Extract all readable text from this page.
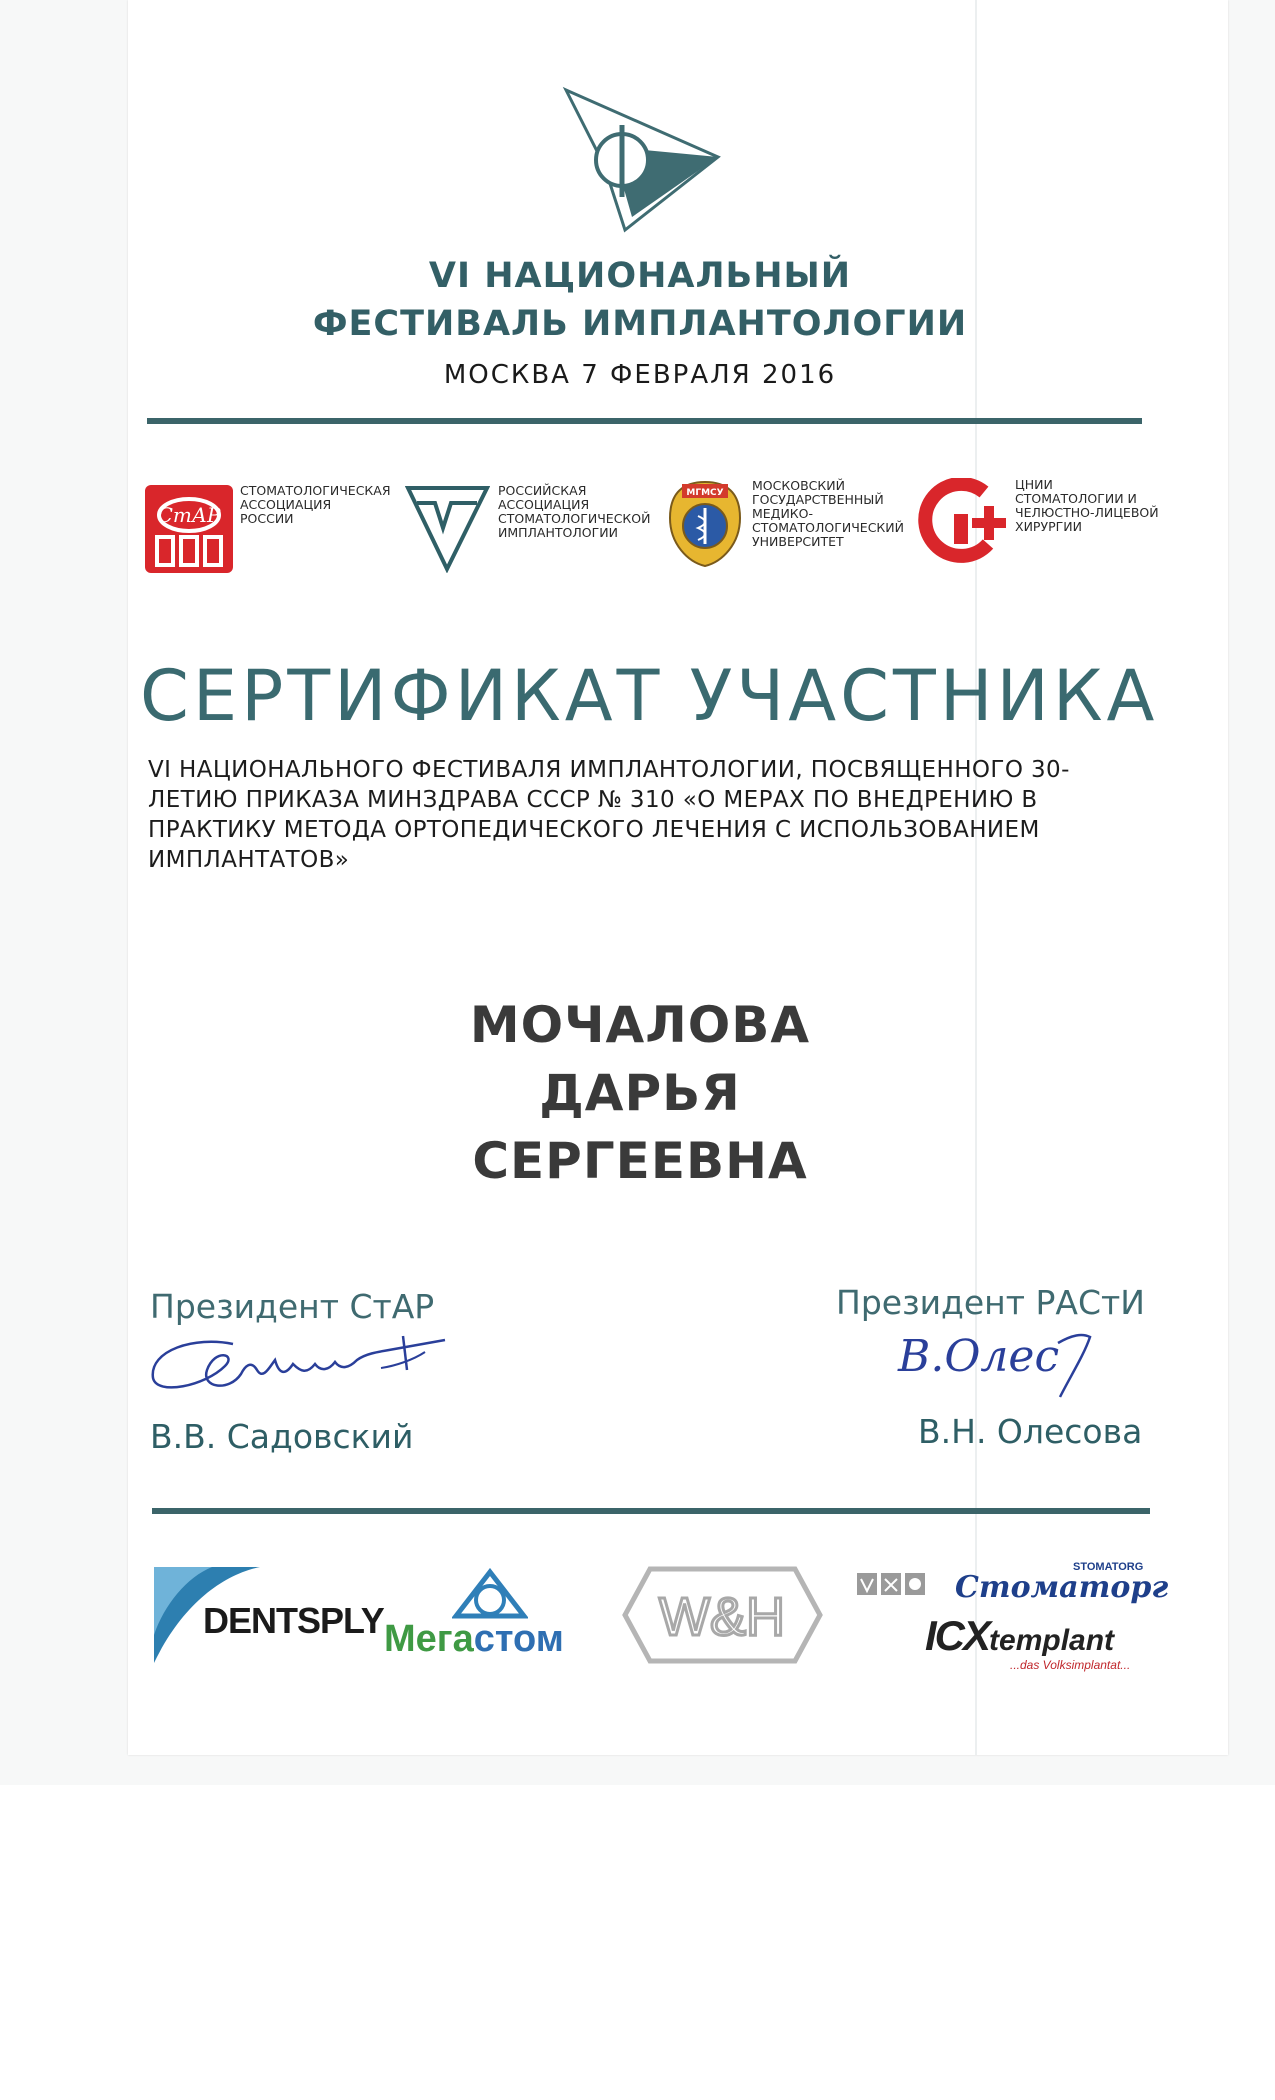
VI НАЦИОНАЛЬНЫЙ
ФЕСТИВАЛЬ ИМПЛАНТОЛОГИИ
МОСКВА 7 ФЕВРАЛЯ 2016
СтАР
СТОМАТОЛОГИЧЕСКАЯ
АССОЦИАЦИЯ
РОССИИ
РОССИЙСКАЯ
АССОЦИАЦИЯ
СТОМАТОЛОГИЧЕСКОЙ
ИМПЛАНТОЛОГИИ
МГМСУ МОСКОВСКИЙ
ГОСУДАРСТВЕННЫЙ
МЕДИКО-
СТОМАТОЛОГИЧЕСКИЙ
УНИВЕРСИТЕТ
ЦНИИ
СТОМАТОЛОГИИ И
ЧЕЛЮСТНО-ЛИЦЕВОЙ
ХИРУРГИИ
СЕРТИФИКАТ УЧАСТНИКА
VI НАЦИОНАЛЬНОГО ФЕСТИВАЛЯ ИМПЛАНТОЛОГИИ, ПОСВЯЩЕННОГО 30-ЛЕТИЮ ПРИКАЗА МИНЗДРАВА СССР № 310 «О МЕРАХ ПО ВНЕДРЕНИЮ В ПРАКТИКУ МЕТОДА ОРТОПЕДИЧЕСКОГО ЛЕЧЕНИЯ С ИСПОЛЬЗОВАНИЕМ ИМПЛАНТАТОВ»
МОЧАЛОВА
ДАРЬЯ
СЕРГЕЕВНА
Президент СтАР
В.В. Садовский
Президент РАСтИ
В.Олес
В.Н. Олесова
DENTSPLY Мегастом W&H
STOMATORG
Стоматорг
ICXtemplant
...das Volksimplantat...
